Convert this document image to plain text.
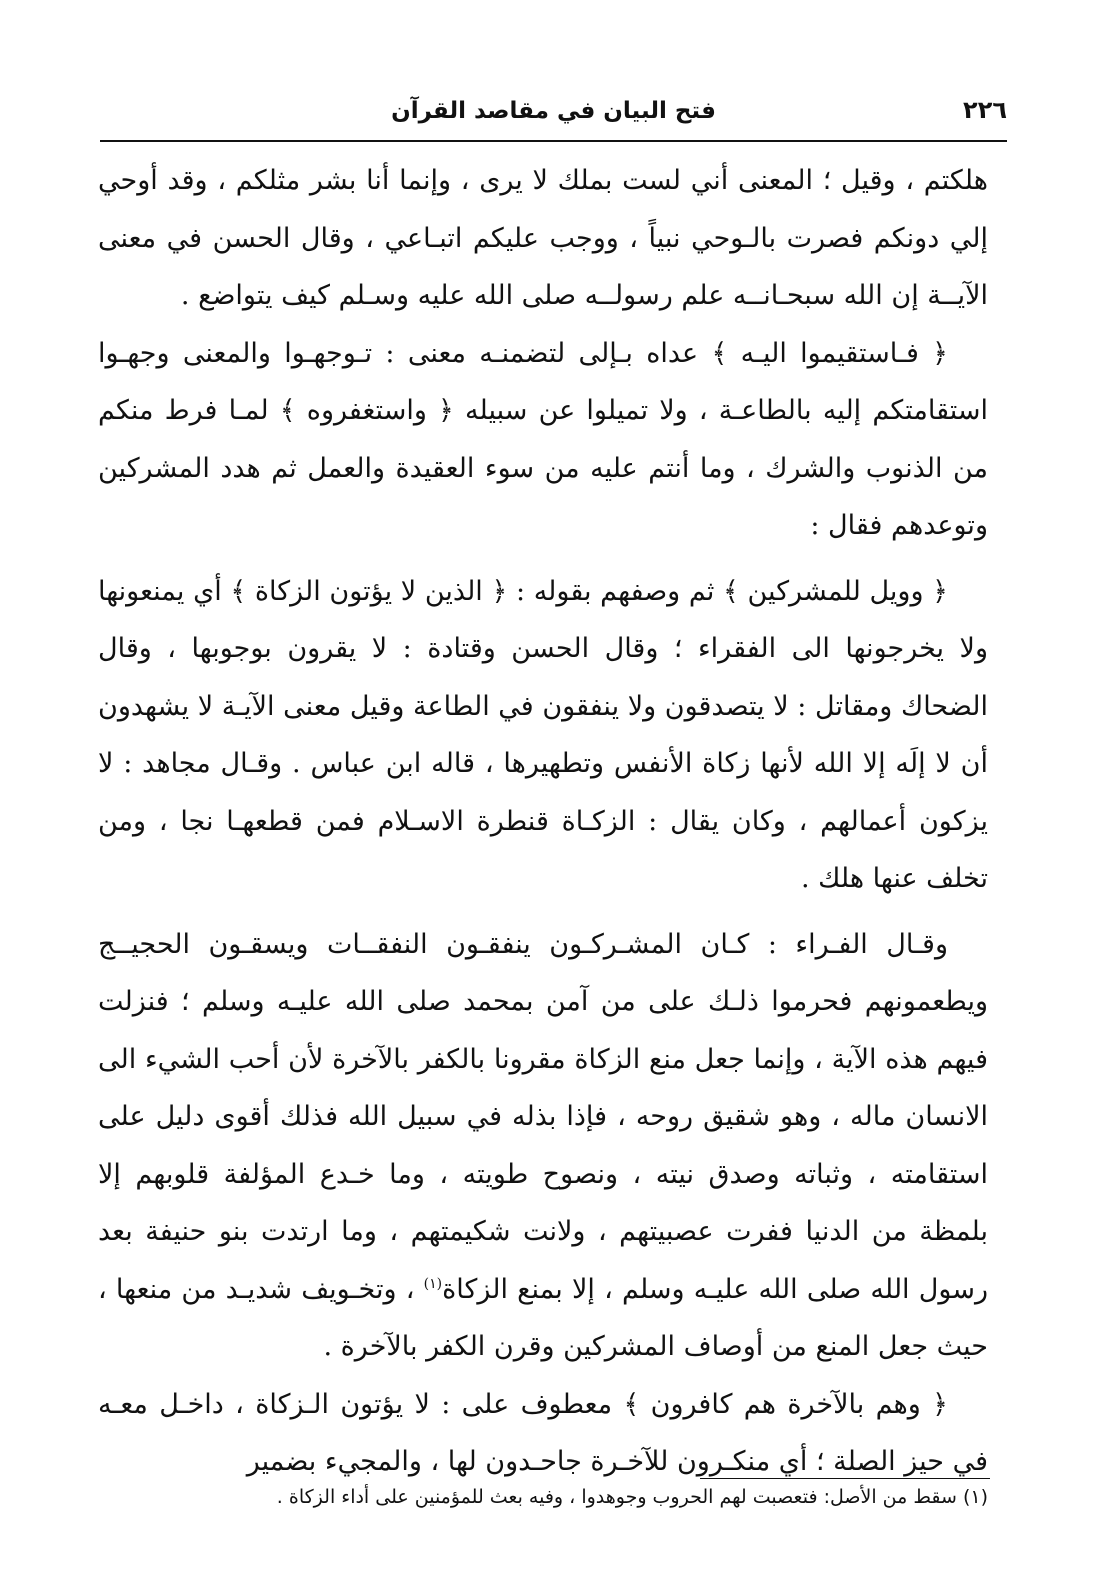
٢٢٦
فتح البيان في مقاصد القرآن

هلكتم ، وقيل ؛ المعنى أني لست بملك لا يرى ، وإنما أنا بشر مثلكم ، وقد أوحي إلي دونكم فصرت بالـوحي نبياً ، ووجب عليكم اتبـاعي ، وقال الحسن في معنى الآيــة إن الله سبحـانــه علم رسولــه صلى الله عليه وسـلم كيف يتواضع .

﴿ فـاستقيموا اليـه ﴾ عداه بـإلى لتضمنـه معنى : تـوجهـوا والمعنى وجهـوا استقامتكم إليه بالطاعـة ، ولا تميلوا عن سبيله ﴿ واستغفروه ﴾ لمـا فرط منكم من الذنوب والشرك ، وما أنتم عليه من سوء العقيدة والعمل ثم هدد المشركين وتوعدهم فقال :

﴿ وويل للمشركين ﴾ ثم وصفهم بقوله : ﴿ الذين لا يؤتون الزكاة ﴾ أي يمنعونها ولا يخرجونها الى الفقراء ؛ وقال الحسن وقتادة : لا يقرون بوجوبها ، وقال الضحاك ومقاتل : لا يتصدقون ولا ينفقون في الطاعة وقيل معنى الآيـة لا يشهدون أن لا إلَه إلا الله لأنها زكاة الأنفس وتطهيرها ، قاله ابن عباس . وقـال مجاهد : لا يزكون أعمالهم ، وكان يقال : الزكـاة قنطرة الاسـلام فمن قطعهـا نجا ، ومن تخلف عنها هلك .

وقـال الفـراء : كـان المشـركـون ينفقـون النفقــات ويسقـون الحجيــج ويطعمونهم فحرموا ذلـك على من آمن بمحمد صلى الله عليـه وسلم ؛ فنزلت فيهم هذه الآية ، وإنما جعل منع الزكاة مقرونا بالكفر بالآخرة لأن أحب الشيء الى الانسان ماله ، وهو شقيق روحه ، فإذا بذله في سبيل الله فذلك أقوى دليل على استقامته ، وثباته وصدق نيته ، ونصوح طويته ، وما خـدع المؤلفة قلوبهم إلا بلمظة من الدنيا ففرت عصبيتهم ، ولانت شكيمتهم ، وما ارتدت بنو حنيفة بعد رسول الله صلى الله عليـه وسلم ، إلا بمنع الزكاة$^{(١)}$ ، وتخـويف شديـد من منعها ، حيث جعل المنع من أوصاف المشركين وقرن الكفر بالآخرة .

﴿ وهم بالآخرة هم كافرون ﴾ معطوف على : لا يؤتون الـزكاة ، داخـل معـه في حيز الصلة ؛ أي منكـرون للآخـرة جاحـدون لها ، والمجيء بضمير

(١) سقط من الأصل: فتعصبت لهم الحروب وجوهدوا ، وفيه بعث للمؤمنين على أداء الزكاة .
